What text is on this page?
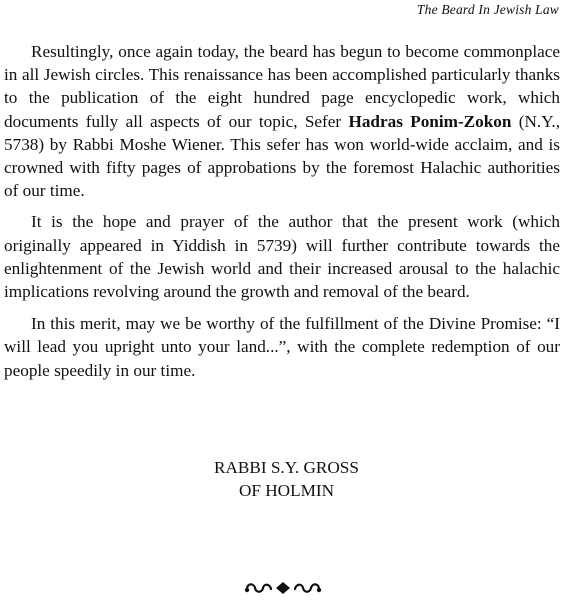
The Beard In Jewish Law

Resultingly, once again today, the beard has begun to become commonplace in all Jewish circles. This renaissance has been accomplished particularly thanks to the publication of the eight hundred page encyclopedic work, which documents fully all aspects of our topic, Sefer Hadras Ponim-Zokon (N.Y., 5738) by Rabbi Moshe Wiener. This sefer has won world-wide acclaim, and is crowned with fifty pages of approbations by the foremost Halachic authorities of our time.

It is the hope and prayer of the author that the present work (which originally appeared in Yiddish in 5739) will further contribute towards the enlightenment of the Jewish world and their increased arousal to the halachic implications revolving around the growth and removal of the beard.

In this merit, may we be worthy of the fulfillment of the Divine Promise: “I will lead you upright unto your land...”, with the complete redemption of our people speedily in our time.

RABBI S.Y. GROSS
OF HOLMIN
